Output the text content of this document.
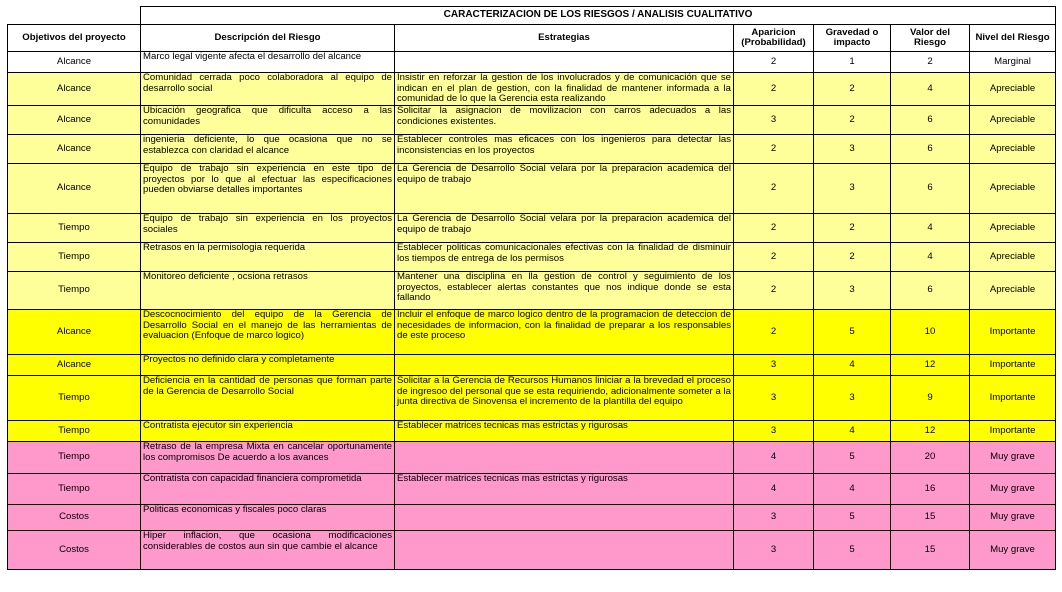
	CARACTERIZACION DE LOS RIESGOS / ANALISIS CUALITATIVO					
Objetivos del proyecto	Descripción del Riesgo	Estrategias	Aparicion (Probabilidad)	Gravedad o impacto	Valor del Riesgo	Nivel del Riesgo
Alcance	Marco legal vigente afecta el desarrollo del alcance		2	1	2	Marginal
Alcance	Comunidad cerrada poco colaboradora al equipo de desarrollo social	Insistir en reforzar la gestion de los involucrados y de comunicación que se indican en el plan de gestion, con la finalidad de mantener informada a la comunidad de lo que la Gerencia esta realizando	2	2	4	Apreciable
Alcance	Ubicación geografica que dificulta acceso a las comunidades	Solicitar la asignacion de movilizacion con carros adecuados a las condiciones existentes.	3	2	6	Apreciable
Alcance	ingenieria deficiente, lo que ocasiona que no se establezca con claridad el alcance	Establecer controles mas eficaces con los ingenieros para detectar las inconsistencias en los proyectos	2	3	6	Apreciable
Alcance	Equipo de trabajo sin experiencia en este tipo de proyectos por lo que al efectuar las especificaciones pueden obviarse detalles importantes	La Gerencia de Desarrollo Social velara por la preparacion academica del equipo de trabajo	2	3	6	Apreciable
Tiempo	Equipo de trabajo sin experiencia en los proyectos sociales	La Gerencia de Desarrollo Social velara por la preparacion academica del equipo de trabajo	2	2	4	Apreciable
Tiempo	Retrasos en la permisologia requerida	Establecer politicas comunicacionales efectivas con la finalidad de disminuir los tiempos de entrega de los permisos	2	2	4	Apreciable
Tiempo	Monitoreo deficiente , ocsiona retrasos	Mantener una disciplina en lla gestion de control y seguimiento de los proyectos, establecer alertas constantes que nos indique donde se esta fallando	2	3	6	Apreciable
Alcance	Descocnocimiento del equipo de la Gerencia de Desarrollo Social en el manejo de las herramientas de evaluacion (Enfoque de marco logico)	Incluir el enfoque de marco logico dentro de la programacion de deteccion de necesidades de informacion, con la finalidad de preparar a los responsables de este proceso	2	5	10	Importante
Alcance	Proyectos no definido clara y completamente		3	4	12	Importante
Tiempo	Deficiencia en la cantidad de personas que forman parte de la Gerencia de Desarrollo Social	Solicitar a la Gerencia de Recursos Humanos liniciar a la brevedad el proceso de ingresoo del personal que se esta requiriendo, adicionalmente someter a la junta directiva de Sinovensa el incremento de la plantilla del equipo	3	3	9	Importante
Tiempo	Contratista ejecutor sin experiencia	Establecer matrices tecnicas mas estrictas y rigurosas	3	4	12	Importante
Tiempo	Retraso de la empresa Mixta en cancelar oportunamente los compromisos De acuerdo a los avances		4	5	20	Muy grave
Tiempo	Contratista con capacidad financiera comprometida	Establecer matrices tecnicas mas estrictas y rigurosas	4	4	16	Muy grave
Costos	Politicas economicas y fiscales poco claras		3	5	15	Muy grave
Costos	Hiper inflacion, que ocasiona modificaciones considerables de costos aun sin que cambie el alcance		3	5	15	Muy grave
